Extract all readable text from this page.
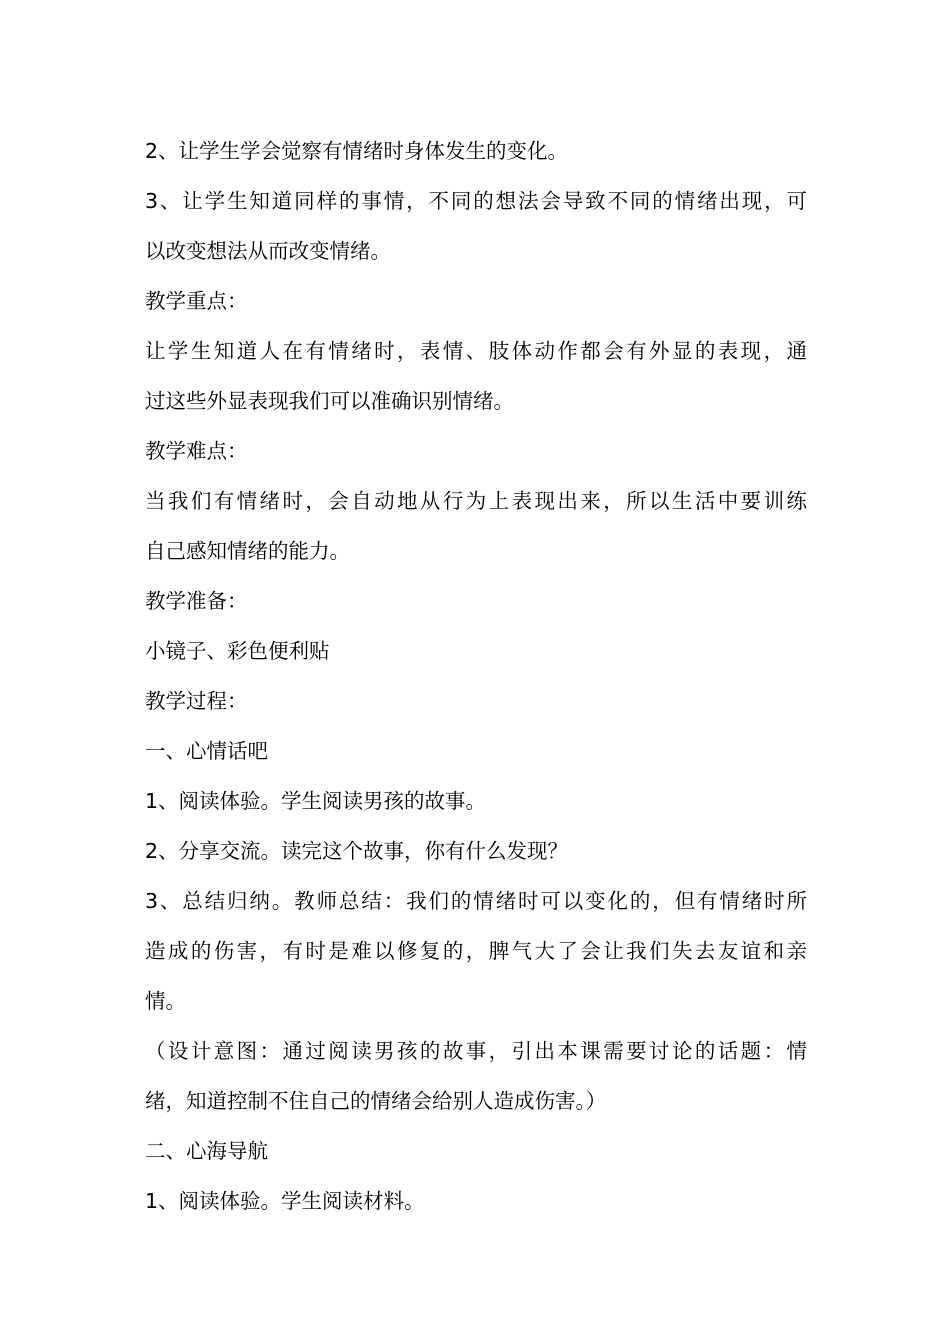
2、让学生学会觉察有情绪时身体发生的变化。
3、让学生知道同样的事情，不同的想法会导致不同的情绪出现，可
以改变想法从而改变情绪。
教学重点：
让学生知道人在有情绪时，表情、肢体动作都会有外显的表现，通
过这些外显表现我们可以准确识别情绪。
教学难点：
当我们有情绪时，会自动地从行为上表现出来，所以生活中要训练
自己感知情绪的能力。
教学准备：
小镜子、彩色便利贴
教学过程：
一、心情话吧
1、阅读体验。学生阅读男孩的故事。
2、分享交流。读完这个故事，你有什么发现？
3、总结归纳。教师总结：我们的情绪时可以变化的，但有情绪时所
造成的伤害，有时是难以修复的，脾气大了会让我们失去友谊和亲
情。
（设计意图：通过阅读男孩的故事，引出本课需要讨论的话题：情
绪，知道控制不住自己的情绪会给别人造成伤害。）
二、心海导航
1、阅读体验。学生阅读材料。
